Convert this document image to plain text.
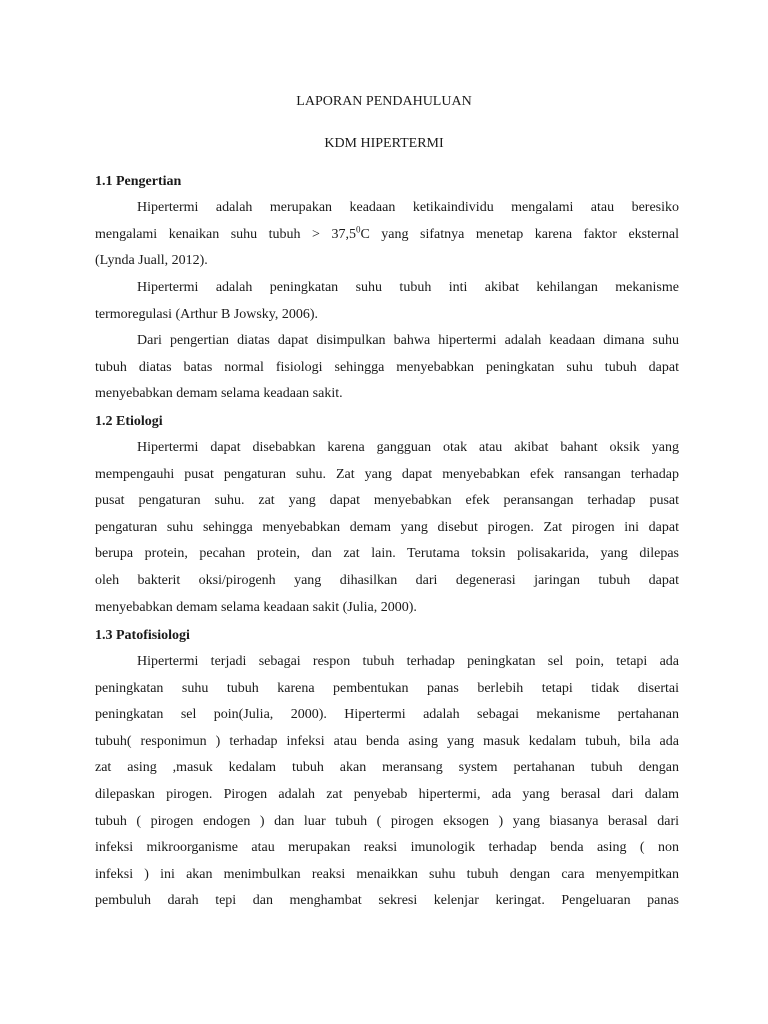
LAPORAN PENDAHULUAN
KDM HIPERTERMI
1.1 Pengertian

Hipertermi adalah merupakan keadaan ketikaindividu mengalami atau beresiko
mengalami kenaikan suhu tubuh > $37,5^0C$ yang sifatnya menetap karena faktor eksternal
(Lynda Juall, 2012).

Hipertermi adalah peningkatan suhu tubuh inti akibat kehilangan mekanisme
termoregulasi (Arthur B Jowsky, 2006).

Dari pengertian diatas dapat disimpulkan bahwa hipertermi adalah keadaan dimana suhu
tubuh diatas batas normal fisiologi sehingga menyebabkan peningkatan suhu tubuh dapat
menyebabkan demam selama keadaan sakit.

1.2 Etiologi

Hipertermi dapat disebabkan karena gangguan otak atau akibat bahant oksik yang
mempengauhi pusat pengaturan suhu. Zat yang dapat menyebabkan efek ransangan terhadap
pusat pengaturan suhu. zat yang dapat menyebabkan efek peransangan terhadap pusat
pengaturan suhu sehingga menyebabkan demam yang disebut pirogen. Zat pirogen ini dapat
berupa protein, pecahan protein, dan zat lain. Terutama toksin polisakarida, yang dilepas
oleh bakterit oksi/pirogenh yang dihasilkan dari degenerasi jaringan tubuh dapat
menyebabkan demam selama keadaan sakit (Julia, 2000).

1.3 Patofisiologi

Hipertermi terjadi sebagai respon tubuh terhadap peningkatan sel poin, tetapi ada
peningkatan suhu tubuh karena pembentukan panas berlebih tetapi tidak disertai
peningkatan sel poin(Julia, 2000). Hipertermi adalah sebagai mekanisme pertahanan
tubuh( responimun ) terhadap infeksi atau benda asing yang masuk kedalam tubuh, bila ada
zat asing ,masuk kedalam tubuh akan meransang system pertahanan tubuh dengan
dilepaskan pirogen. Pirogen adalah zat penyebab hipertermi, ada yang berasal dari dalam
tubuh ( pirogen endogen ) dan luar tubuh ( pirogen eksogen ) yang biasanya berasal dari
infeksi mikroorganisme atau merupakan reaksi imunologik terhadap benda asing ( non
infeksi ) ini akan menimbulkan reaksi menaikkan suhu tubuh dengan cara menyempitkan
pembuluh darah tepi dan menghambat sekresi kelenjar keringat. Pengeluaran panas
